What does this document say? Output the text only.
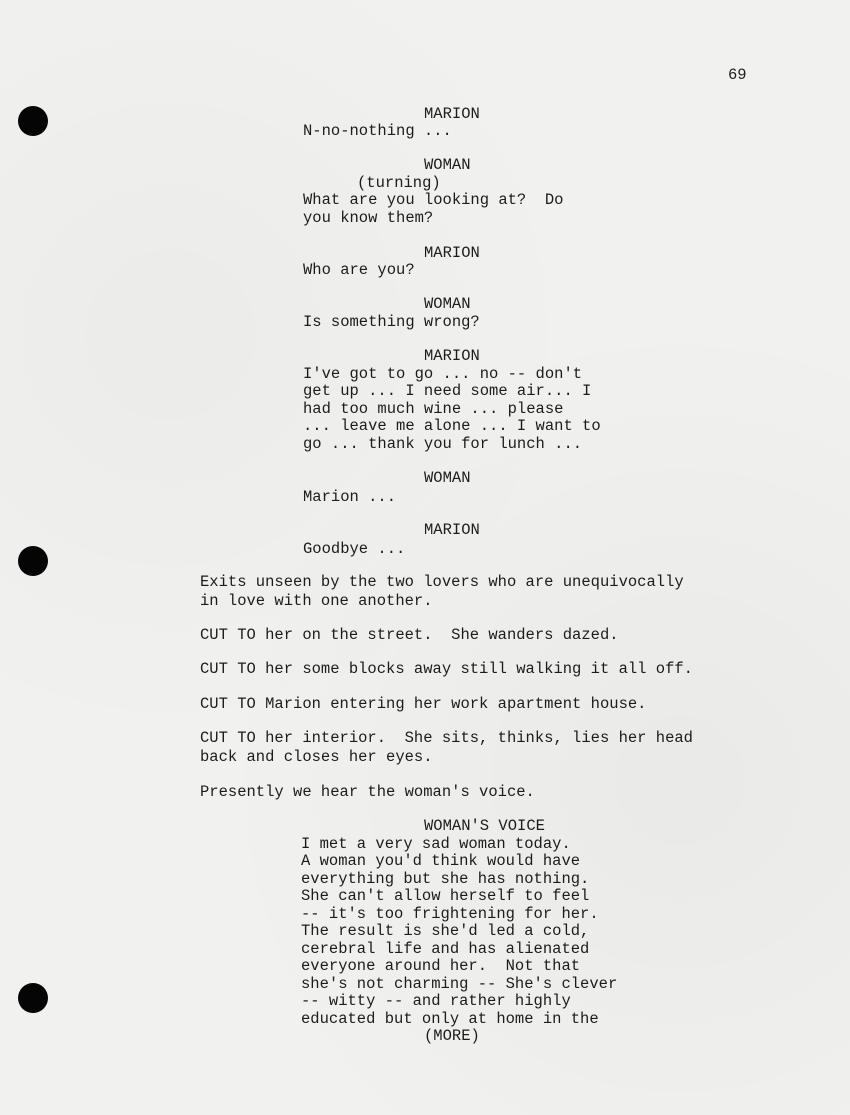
69
MARION
N-no-nothing ...
WOMAN
(turning)
What are you looking at?  Do
you know them?
MARION
Who are you?
WOMAN
Is something wrong?
MARION
I've got to go ... no -- don't
get up ... I need some air... I
had too much wine ... please
... leave me alone ... I want to
go ... thank you for lunch ...
WOMAN
Marion ...
MARION
Goodbye ...
Exits unseen by the two lovers who are unequivocally
in love with one another.
CUT TO her on the street.  She wanders dazed.
CUT TO her some blocks away still walking it all off.
CUT TO Marion entering her work apartment house.
CUT TO her interior.  She sits, thinks, lies her head
back and closes her eyes.
Presently we hear the woman's voice.
WOMAN'S VOICE
I met a very sad woman today.
A woman you'd think would have
everything but she has nothing.
She can't allow herself to feel
-- it's too frightening for her.
The result is she'd led a cold,
cerebral life and has alienated
everyone around her.  Not that
she's not charming -- She's clever
-- witty -- and rather highly
educated but only at home in the
(MORE)
